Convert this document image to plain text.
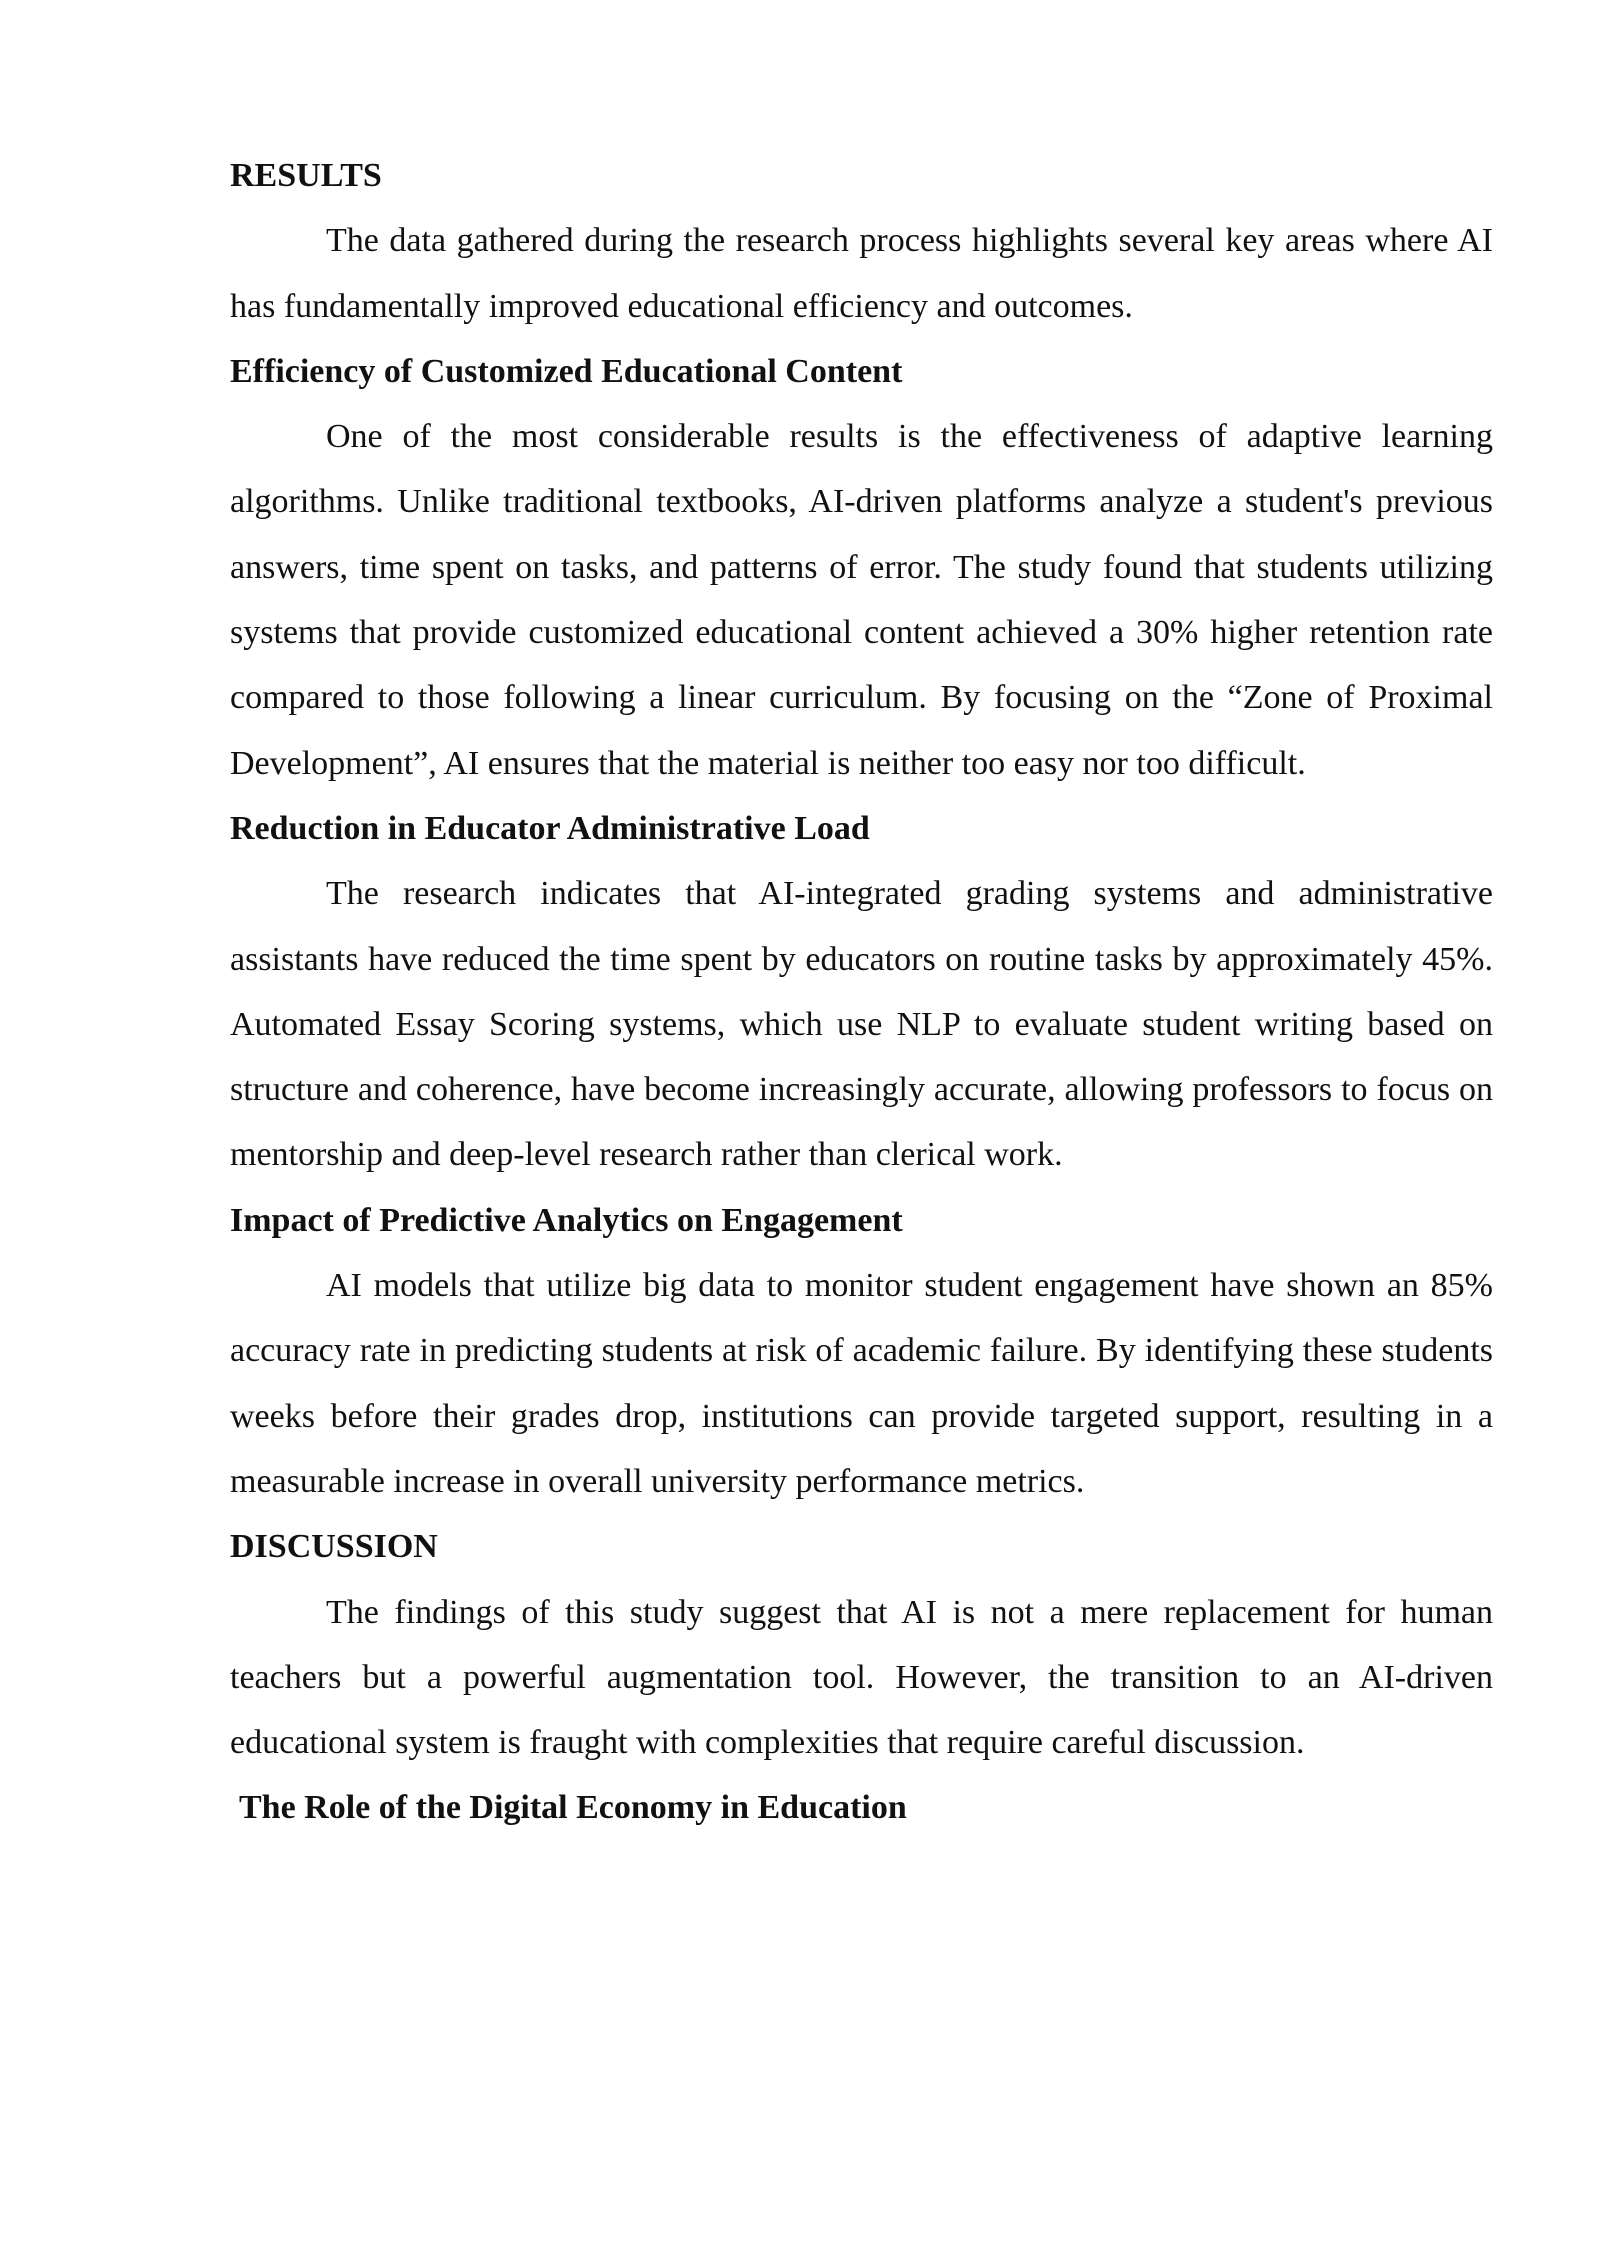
RESULTS
The data gathered during the research process highlights several key areas where AI has fundamentally improved educational efficiency and outcomes.
Efficiency of Customized Educational Content
One of the most considerable results is the effectiveness of adaptive learning algorithms. Unlike traditional textbooks, AI-driven platforms analyze a student's previous answers, time spent on tasks, and patterns of error. The study found that students utilizing systems that provide customized educational content achieved a 30% higher retention rate compared to those following a linear curriculum. By focusing on the “Zone of Proximal Development”, AI ensures that the material is neither too easy nor too difficult.
Reduction in Educator Administrative Load
The research indicates that AI-integrated grading systems and administrative assistants have reduced the time spent by educators on routine tasks by approximately 45%. Automated Essay Scoring systems, which use NLP to evaluate student writing based on structure and coherence, have become increasingly accurate, allowing professors to focus on mentorship and deep-level research rather than clerical work.
Impact of Predictive Analytics on Engagement
AI models that utilize big data to monitor student engagement have shown an 85% accuracy rate in predicting students at risk of academic failure. By identifying these students weeks before their grades drop, institutions can provide targeted support, resulting in a measurable increase in overall university performance metrics.
DISCUSSION
The findings of this study suggest that AI is not a mere replacement for human teachers but a powerful augmentation tool. However, the transition to an AI-driven educational system is fraught with complexities that require careful discussion.
The Role of the Digital Economy in Education
